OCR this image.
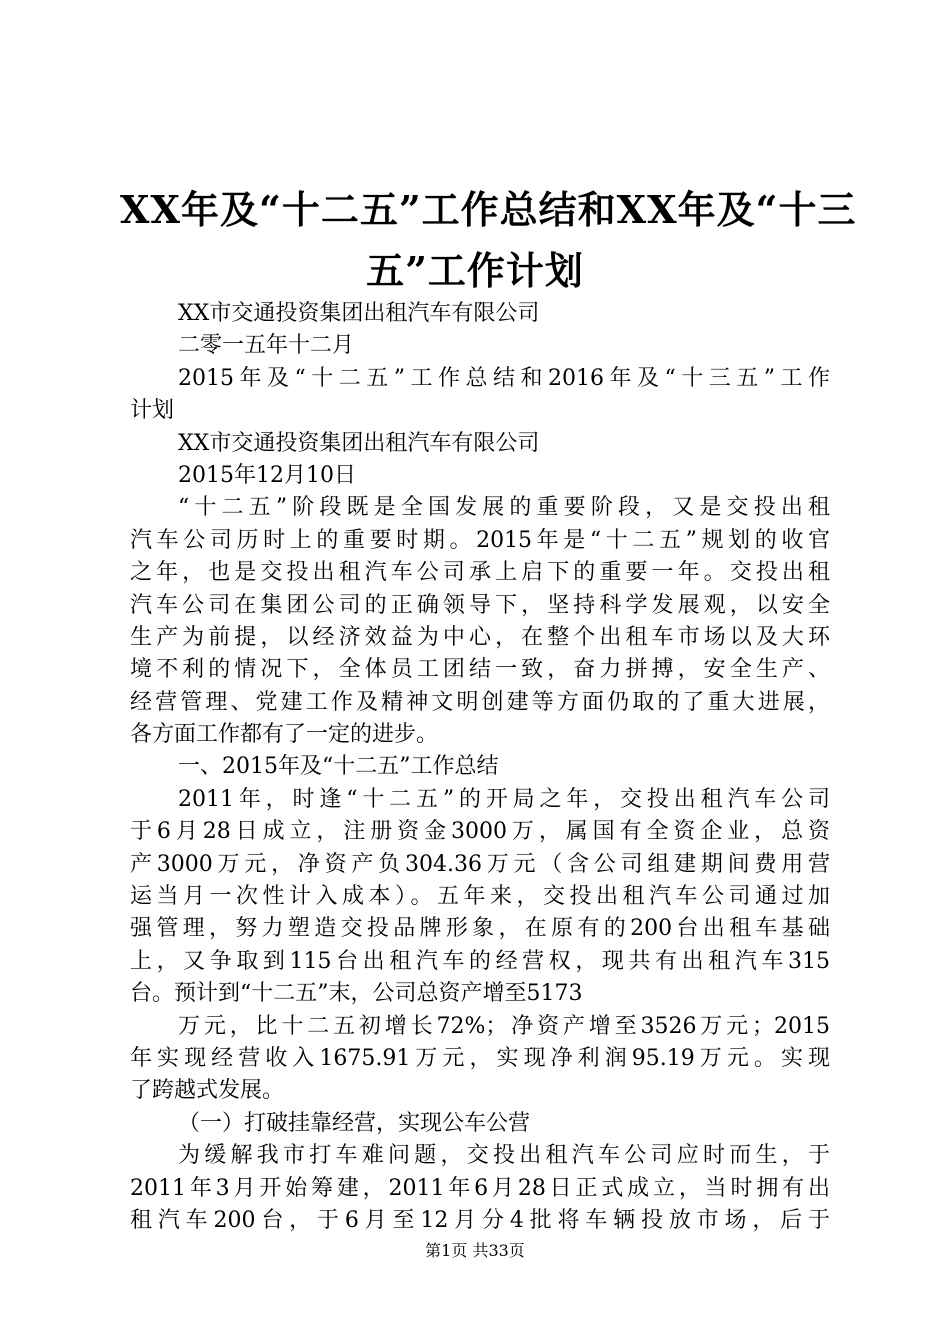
XX年及“十二五”工作总结和XX年及“十三
五”工作计划
XX市交通投资集团出租汽车有限公司
二零一五年十二月
2015年及“十二五”工作总结和2016年及“十三五”工作
计划
XX市交通投资集团出租汽车有限公司
2015年12月10日
“十二五”阶段既是全国发展的重要阶段，又是交投出租
汽车公司历时上的重要时期。2015年是“十二五”规划的收官
之年，也是交投出租汽车公司承上启下的重要一年。交投出租
汽车公司在集团公司的正确领导下，坚持科学发展观，以安全
生产为前提，以经济效益为中心，在整个出租车市场以及大环
境不利的情况下，全体员工团结一致，奋力拼搏，安全生产、
经营管理、党建工作及精神文明创建等方面仍取的了重大进展，
各方面工作都有了一定的进步。
一、2015年及“十二五”工作总结
2011年，时逢“十二五”的开局之年，交投出租汽车公司
于6月28日成立，注册资金3000万，属国有全资企业，总资
产3000万元，净资产负304.36万元（含公司组建期间费用营
运当月一次性计入成本）。五年来，交投出租汽车公司通过加
强管理，努力塑造交投品牌形象，在原有的200台出租车基础
上，又争取到115台出租汽车的经营权，现共有出租汽车315
台。预计到“十二五”末，公司总资产增至5173
万元，比十二五初增长72%；净资产增至3526万元；2015
年实现经营收入1675.91万元，实现净利润95.19万元。实现
了跨越式发展。
（一）打破挂靠经营，实现公车公营
为缓解我市打车难问题，交投出租汽车公司应时而生，于
2011年3月开始筹建，2011年6月28日正式成立，当时拥有出
租汽车200台，于6月至12月分4批将车辆投放市场，后于
第1页 共33页
